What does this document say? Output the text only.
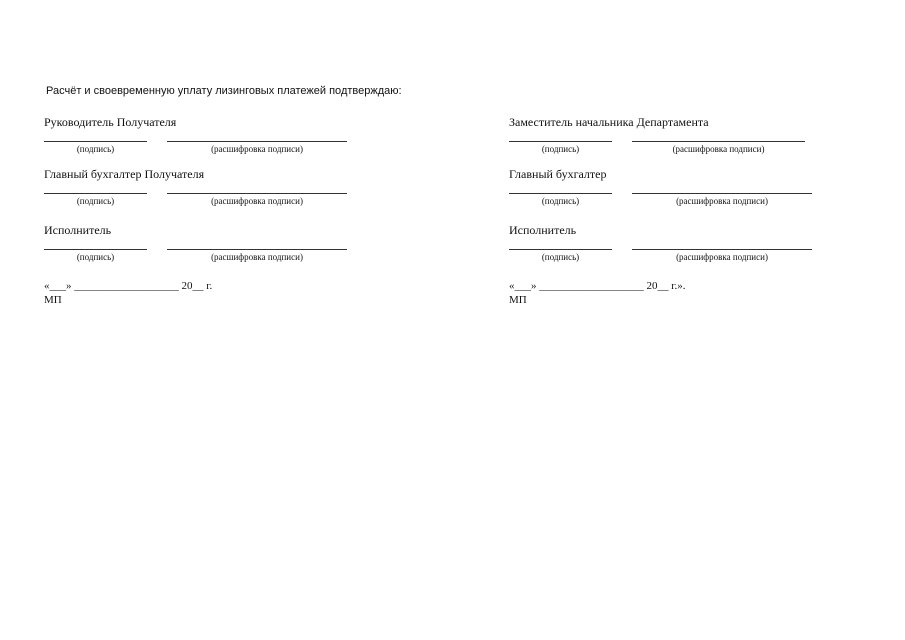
Расчёт и своевременную уплату лизинговых платежей подтверждаю:
Руководитель Получателя
(подпись)	(расшифровка подписи)
Главный бухгалтер Получателя
(подпись)	(расшифровка подписи)
Исполнитель
(подпись)	(расшифровка подписи)
«___» ___________________ 20__ г.
МП
Заместитель начальника Департамента
(подпись)	(расшифровка подписи)
Главный бухгалтер
(подпись)	(расшифровка подписи)
Исполнитель
(подпись)	(расшифровка подписи)
«___» ___________________ 20__ г.».
МП
